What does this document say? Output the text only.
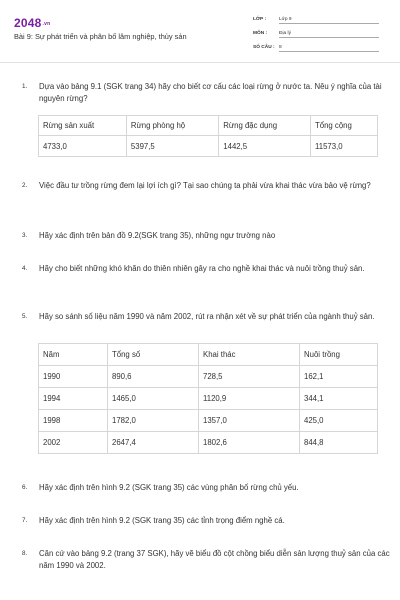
2048.vn
Bài 9: Sự phát triển và phân bố lâm nghiệp, thủy sản
LỚP :	Lớp 9
MÔN : Địa lý
SỐ CÂU : 8
1.	Dựa vào bảng 9.1 (SGK trang 34) hãy cho biết cơ cấu các loại rừng ở nước ta. Nêu ý nghĩa của tài nguyên rừng?
Rừng sản xuất	Rừng phòng hộ	Rừng đặc dụng	Tổng cộng
4733,0	5397,5	1442,5	11573,0
2.	Việc đầu tư trồng rừng đem lại lợi ích gì? Tại sao chúng ta phải vừa khai thác vừa bảo vệ rừng?
3.	Hãy xác định trên bản đồ 9.2(SGK trang 35), những ngư trường nào
4.	Hãy cho biết những khó khăn do thiên nhiên gây ra cho nghề khai thác và nuôi trồng thuỷ sản.
5.	Hãy so sánh số liệu năm 1990 và năm 2002, rút ra nhận xét về sự phát triển của ngành thuỷ sản.
Năm	Tổng số	Khai thác	Nuôi trồng
1990	890,6	728,5	162,1
1994	1465,0	1120,9	344,1
1998	1782,0	1357,0	425,0
2002	2647,4	1802,6	844,8
6.	Hãy xác định trên hình 9.2 (SGK trang 35) các vùng phân bố rừng chủ yếu.
7.	Hãy xác định trên hình 9.2 (SGK trang 35) các tỉnh trọng điểm nghề cá.
8.	Căn cứ vào bảng 9.2 (trang 37 SGK), hãy vẽ biểu đồ cột chồng biểu diễn sản lượng thuỷ sản của các năm 1990 và 2002.
